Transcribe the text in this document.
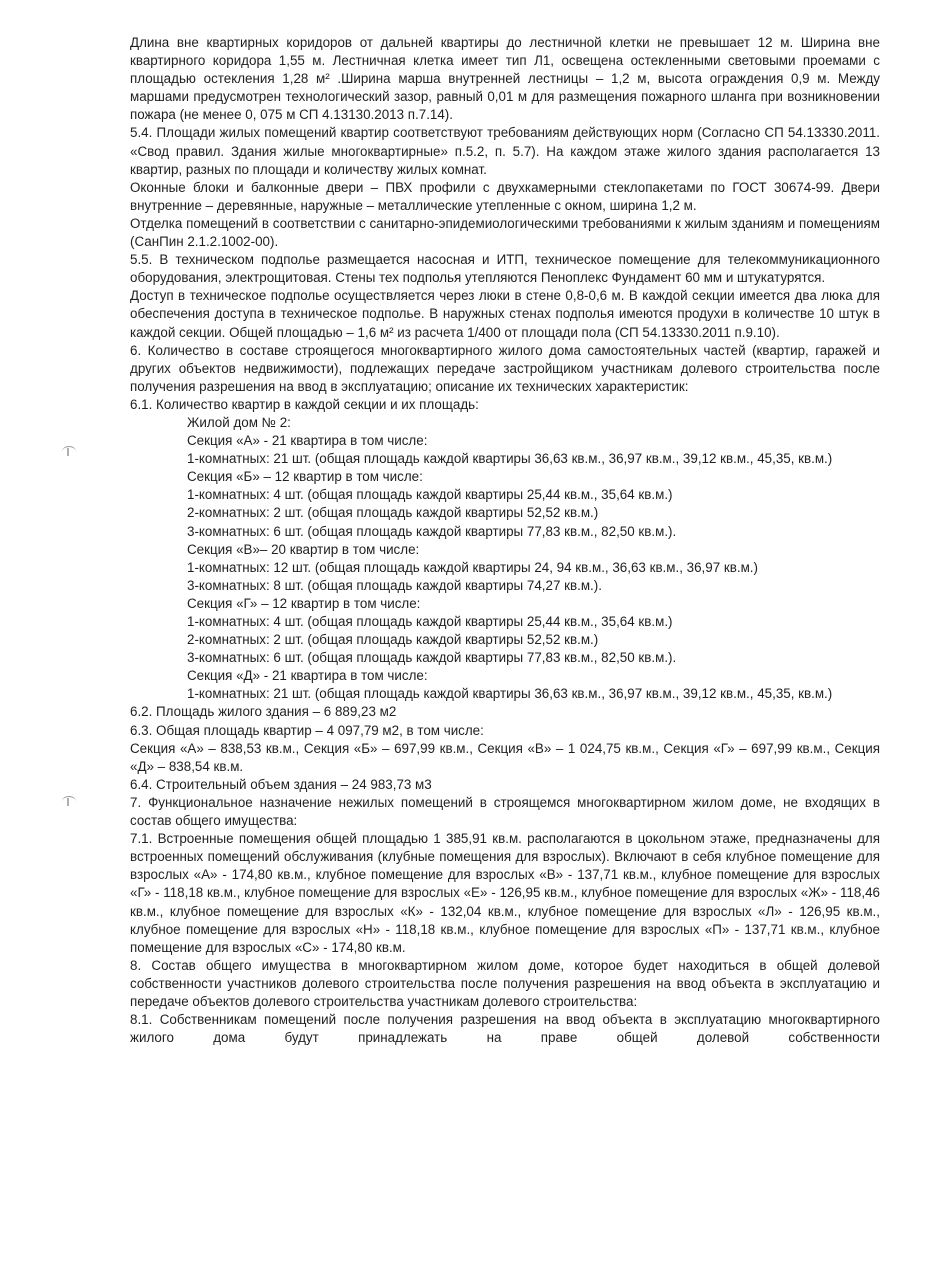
Длина вне квартирных коридоров от дальней квартиры до лестничной клетки не превышает 12 м. Ширина вне квартирного коридора 1,55 м. Лестничная клетка имеет тип Л1, освещена остекленными световыми проемами с площадью остекления 1,28 м² .Ширина марша внутренней лестницы – 1,2 м, высота ограждения 0,9 м. Между маршами предусмотрен технологический зазор, равный 0,01 м для размещения пожарного шланга при возникновении пожара (не менее 0, 075 м СП 4.13130.2013 п.7.14).

5.4. Площади жилых помещений квартир соответствуют требованиям действующих норм (Согласно СП 54.13330.2011. «Свод правил. Здания жилые многоквартирные» п.5.2, п. 5.7). На каждом этаже жилого здания располагается 13 квартир, разных по площади и количеству жилых комнат.

Оконные блоки и балконные двери – ПВХ профили с двухкамерными стеклопакетами по ГОСТ 30674-99. Двери внутренние – деревянные, наружные – металлические утепленные с окном, ширина 1,2 м.

Отделка помещений в соответствии с санитарно-эпидемиологическими требованиями к жилым зданиям и помещениям (СанПин 2.1.2.1002-00).

5.5. В техническом подполье размещается насосная и ИТП, техническое помещение для телекоммуникационного оборудования, электрощитовая. Стены тех подполья утепляются Пеноплекс Фундамент 60 мм и штукатурятся.

Доступ в техническое подполье осуществляется через люки в стене 0,8-0,6 м. В каждой секции имеется два люка для обеспечения доступа в техническое подполье. В наружных стенах подполья имеются продухи в количестве 10 штук в каждой секции. Общей площадью – 1,6 м² из расчета 1/400 от площади пола (СП 54.13330.2011 п.9.10).

6. Количество в составе строящегося многоквартирного жилого дома самостоятельных частей (квартир, гаражей и других объектов недвижимости), подлежащих передаче застройщиком участникам долевого строительства после получения разрешения на ввод в эксплуатацию; описание их технических характеристик:

6.1. Количество квартир в каждой секции и их площадь:

Жилой дом № 2:

Секция «А» - 21 квартира в том числе:

1-комнатных: 21 шт. (общая площадь каждой квартиры 36,63 кв.м., 36,97 кв.м., 39,12 кв.м., 45,35, кв.м.)

Секция «Б» – 12 квартир в том числе:

1-комнатных: 4 шт. (общая площадь каждой квартиры 25,44 кв.м., 35,64 кв.м.)

2-комнатных: 2 шт. (общая площадь каждой квартиры 52,52 кв.м.)

3-комнатных: 6 шт. (общая площадь каждой квартиры 77,83 кв.м., 82,50 кв.м.).

Секция «В»– 20 квартир в том числе:

1-комнатных: 12 шт. (общая площадь каждой квартиры 24, 94 кв.м., 36,63 кв.м., 36,97 кв.м.)

3-комнатных: 8 шт. (общая площадь каждой квартиры 74,27 кв.м.).

Секция «Г» – 12 квартир в том числе:

1-комнатных: 4 шт. (общая площадь каждой квартиры 25,44 кв.м., 35,64 кв.м.)

2-комнатных: 2 шт. (общая площадь каждой квартиры 52,52 кв.м.)

3-комнатных: 6 шт. (общая площадь каждой квартиры 77,83 кв.м., 82,50 кв.м.).

Секция «Д» - 21 квартира в том числе:

1-комнатных: 21 шт. (общая площадь каждой квартиры 36,63 кв.м., 36,97 кв.м., 39,12 кв.м., 45,35, кв.м.)

6.2. Площадь жилого здания – 6 889,23 м2

6.3. Общая площадь квартир – 4 097,79 м2, в том числе:

Секция «А» – 838,53 кв.м., Секция «Б» – 697,99 кв.м., Секция «В» – 1 024,75 кв.м., Секция «Г» – 697,99 кв.м., Секция «Д» – 838,54 кв.м.

6.4. Строительный объем здания – 24 983,73 м3

7. Функциональное назначение нежилых помещений в строящемся многоквартирном жилом доме, не входящих в состав общего имущества:

7.1. Встроенные помещения общей площадью 1 385,91 кв.м. располагаются в цокольном этаже, предназначены для встроенных помещений обслуживания (клубные помещения для взрослых). Включают в себя клубное помещение для взрослых «А» - 174,80 кв.м., клубное помещение для взрослых «В» - 137,71 кв.м., клубное помещение для взрослых «Г» - 118,18 кв.м., клубное помещение для взрослых «Е» - 126,95 кв.м., клубное помещение для взрослых «Ж» - 118,46 кв.м., клубное помещение для взрослых «К» - 132,04 кв.м., клубное помещение для взрослых «Л» - 126,95 кв.м., клубное помещение для взрослых «Н» - 118,18 кв.м., клубное помещение для взрослых «П» - 137,71 кв.м., клубное помещение для взрослых «С» - 174,80 кв.м.

8. Состав общего имущества в многоквартирном жилом доме, которое будет находиться в общей долевой собственности участников долевого строительства после получения разрешения на ввод объекта в эксплуатацию и передаче объектов долевого строительства участникам долевого строительства:

8.1. Собственникам помещений после получения разрешения на ввод объекта в эксплуатацию многоквартирного жилого дома будут принадлежать на праве общей долевой собственности
